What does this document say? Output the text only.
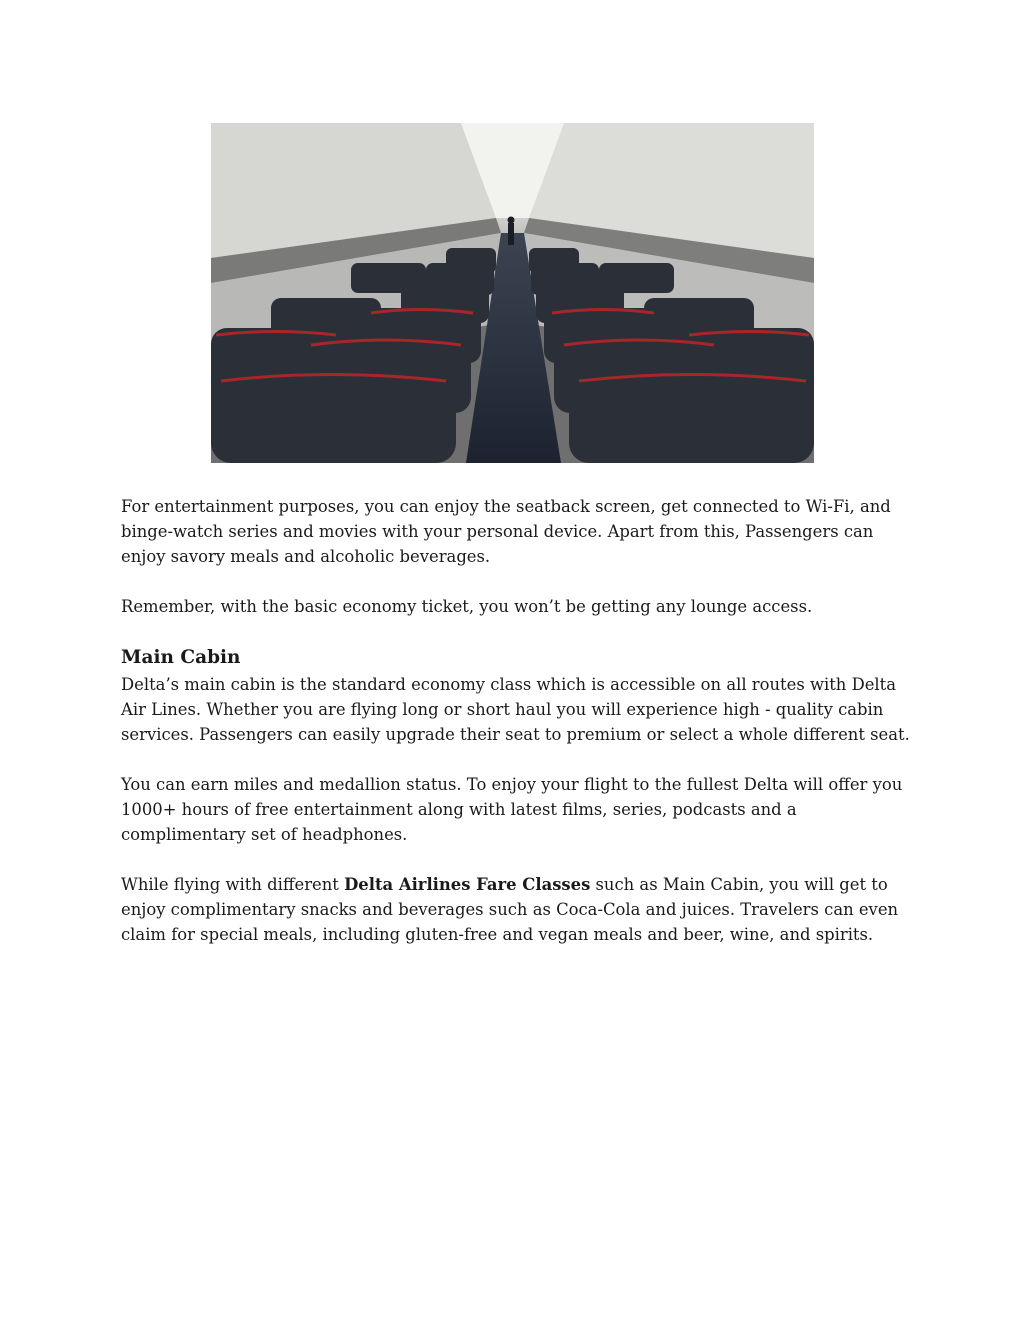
For entertainment purposes, you can enjoy the seatback screen, get connected to Wi-Fi, and binge-watch series and movies with your personal device. Apart from this, Passengers can enjoy savory meals and alcoholic beverages.

Remember, with the basic economy ticket, you won’t be getting any lounge access.

Main Cabin

Delta’s main cabin is the standard economy class which is accessible on all routes with Delta Air Lines. Whether you are flying long or short haul you will experience high - quality cabin services. Passengers can easily upgrade their seat to premium or select a whole different seat.

You can earn miles and medallion status. To enjoy your flight to the fullest Delta will offer you 1000+ hours of free entertainment along with latest films, series, podcasts and a complimentary set of headphones.

While flying with different Delta Airlines Fare Classes such as Main Cabin, you will get to enjoy complimentary snacks and beverages such as Coca-Cola and juices. Travelers can even claim for special meals, including gluten-free and vegan meals and beer, wine, and spirits.
